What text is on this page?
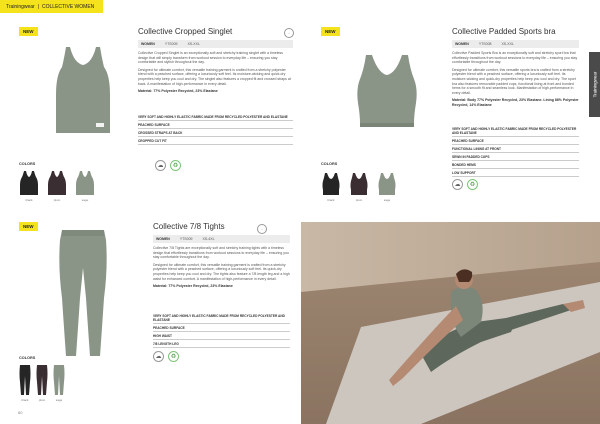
Trainingwear | COLLECTIVE WOMEN
Trainingwear
NEW	Collective Cropped Singlet	→
WOMEN	YTS009	XS-XXL

Collective Cropped Singlet is an exceptionally soft and stretchy training singlet with a timeless design that will simply transform from workout session to everyday life – ensuring you stay comfortable and stylish throughout the day.

Designed for ultimate comfort, this versatile training garment is crafted from a stretchy polyester blend with a peached surface, offering a luxuriously soft feel. Its moisture-wicking and quick-dry properties help keep you cool and dry. The singlet also features a cropped fit and crossed straps at back. A manifestation of high-performance in every detail.

Material: 77% Polyester Recycled, 23% Elastane

VERY SOFT AND HIGHLY ELASTIC FABRIC MADE FROM RECYCLED POLYESTER AND ELASTANE
PEACHED SURFACE
CROSSED STRAPS AT BACK
CROPPED CUT FIT
☁	♻
COLORS
black	plum	sage
NEW	Collective Padded Sports bra
WOMEN	YTS008	XS-XXL

Collective Padded Sports Bra is an exceptionally soft and stretchy sport bra that effortlessly transitions from workout sessions to everyday life – ensuring you stay comfortable throughout the day.

Designed for ultimate comfort, this versatile sports bra is crafted from a stretchy polyester blend with a peached surface, offering a luxuriously soft feel. Its moisture-wicking and quick-dry properties help keep you cool and dry. The sport bra also features removable padded cups, functional lining at front and bonded hems for a smooth fit and seamless look. Manifestation of high-performance in every detail.

Material: Body 77% Polyester Recycled, 23% Elastane. Lining 86% Polyester Recycled, 14% Elastane

VERY SOFT AND HIGHLY ELASTIC FABRIC MADE FROM RECYCLED POLYESTER AND ELASTANE
PEACHED SURFACE
FUNCTIONAL LINING AT FRONT
SEWN IN PADDED CUPS
BONDED HEMS
LOW SUPPORT
☁	♻
COLORS
black	plum	sage
NEW	Collective 7/8 Tights	→
WOMEN	YTS009	XS-4XL

Collective 7/8 Tights are exceptionally soft and stretchy training tights with a timeless design that effortlessly transitions from workout sessions to everyday life – ensuring you stay comfortable throughout the day.

Designed for ultimate comfort, this versatile training garment is crafted from a stretchy polyester blend with a peached surface, offering a luxuriously soft feel. Its quick-dry properties help keep you cool and dry. The tights also feature a 7/8 length leg and a high waist for enhanced comfort. A manifestation of high-performance in every detail.

Material: 77% Polyester Recycled, 23% Elastane

VERY SOFT AND HIGHLY ELASTIC FABRIC MADE FROM RECYCLED POLYESTER AND ELASTANE
PEACHED SURFACE
HIGH WAIST
7/8 LENGTH LEG
☁	♻
COLORS
black	plum	sage
80
